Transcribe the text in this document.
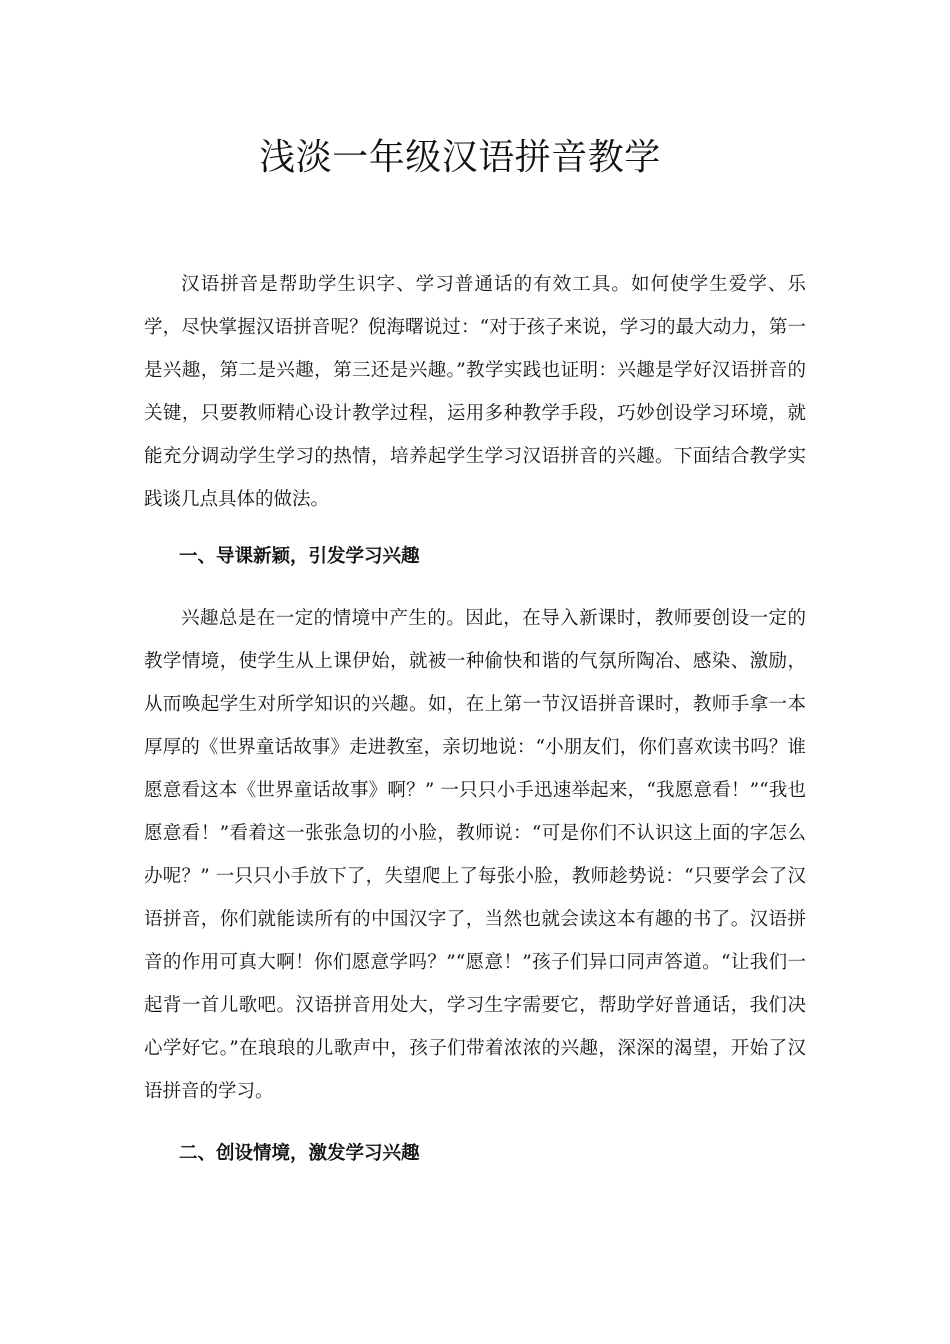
浅淡一年级汉语拼音教学

汉语拼音是帮助学生识字、学习普通话的有效工具。如何使学生爱学、乐学，尽快掌握汉语拼音呢？倪海曙说过：“对于孩子来说，学习的最大动力，第一是兴趣，第二是兴趣，第三还是兴趣。”教学实践也证明：兴趣是学好汉语拼音的关键，只要教师精心设计教学过程，运用多种教学手段，巧妙创设学习环境，就能充分调动学生学习的热情，培养起学生学习汉语拼音的兴趣。下面结合教学实践谈几点具体的做法。

一、导课新颖，引发学习兴趣

兴趣总是在一定的情境中产生的。因此，在导入新课时，教师要创设一定的教学情境，使学生从上课伊始，就被一种偷快和谐的气氛所陶冶、感染、激励，从而唤起学生对所学知识的兴趣。如，在上第一节汉语拼音课时，教师手拿一本厚厚的《世界童话故事》走进教室，亲切地说：“小朋友们，你们喜欢读书吗？谁愿意看这本《世界童话故事》啊？” 一只只小手迅速举起来，“我愿意看！”“我也愿意看！”看着这一张张急切的小脸，教师说：“可是你们不认识这上面的字怎么办呢？” 一只只小手放下了，失望爬上了每张小脸，教师趁势说：“只要学会了汉语拼音，你们就能读所有的中国汉字了，当然也就会读这本有趣的书了。汉语拼音的作用可真大啊！你们愿意学吗？”“愿意！”孩子们异口同声答道。“让我们一起背一首儿歌吧。汉语拼音用处大，学习生字需要它，帮助学好普通话，我们决心学好它。”在琅琅的儿歌声中，孩子们带着浓浓的兴趣，深深的渴望，开始了汉语拼音的学习。

二、创设情境，激发学习兴趣
